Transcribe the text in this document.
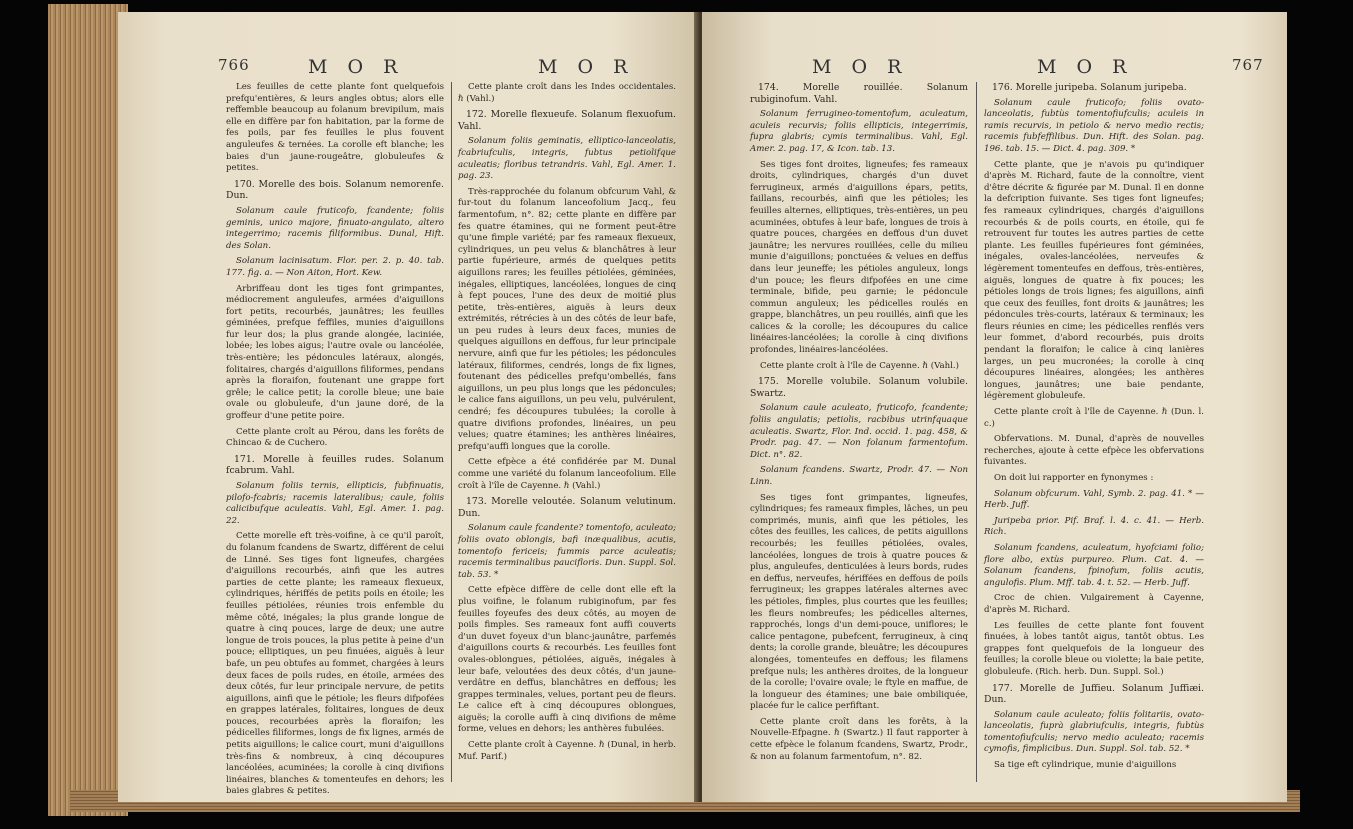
766	M O R	M O R

Les feuilles de cette plante font quelquefois prefqu'entières, & leurs angles obtus; alors elle reffemble beaucoup au folanum brevipilum, mais elle en diffère par fon habitation, par la forme de fes poils, par fes feuilles le plus fouvent anguleufes & ternées. La corolle eft blanche; les baies d'un jaune-rougeâtre, globuleufes & petites.

170. Morelle des bois. Solanum nemorenfe. Dun.

Solanum caule fruticofo, fcandente; foliis geminis, unico majore, finuato-angulato, altero integerrimo; racemis filiformibus. Dunal, Hift. des Solan.

Solanum lacinisatum. Flor. per. 2. p. 40. tab. 177. fig. a. — Non Aiton, Hort. Kew.

Arbriffeau dont les tiges font grimpantes, médiocrement anguleufes, armées d'aiguillons fort petits, recourbés, jaunâtres; les feuilles géminées, prefque feffiles, munies d'aiguillons fur leur dos; la plus grande alongée, laciniée, lobée; les lobes aigus; l'autre ovale ou lancéolée, très-entière; les pédoncules latéraux, alongés, folitaires, chargés d'aiguillons filiformes, pendans après la floraifon, foutenant une grappe fort grêle; le calice petit; la corolle bleue; une baie ovale ou globuleufe, d'un jaune doré, de la groffeur d'une petite poire.

Cette plante croît au Pérou, dans les forêts de Chincao & de Cuchero.

171. Morelle à feuilles rudes. Solanum fcabrum. Vahl.

Solanum foliis ternis, ellipticis, fubfinuatis, pilofo-fcabris; racemis lateralibus; caule, foliis calicibufque aculeatis. Vahl, Egl. Amer. 1. pag. 22.

Cette morelle eft très-voifine, à ce qu'il paroît, du folanum fcandens de Swartz, différent de celui de Linné. Ses tiges font ligneufes, chargées d'aiguillons recourbés, ainfi que les autres parties de cette plante; les rameaux flexueux, cylindriques, hériffés de petits poils en étoile; les feuilles pétiolées, réunies trois enfemble du même côté, inégales; la plus grande longue de quatre à cinq pouces, large de deux; une autre longue de trois pouces, la plus petite à peine d'un pouce; elliptiques, un peu finuées, aiguës à leur bafe, un peu obtufes au fommet, chargées à leurs deux faces de poils rudes, en étoile, armées des deux côtés, fur leur principale nervure, de petits aiguillons, ainfi que le pétiole; les fleurs difpofées en grappes latérales, folitaires, longues de deux pouces, recourbées après la floraifon; les pédicelles filiformes, longs de fix lignes, armés de petits aiguillons; le calice court, muni d'aiguillons très-fins & nombreux, à cinq découpures lancéolées, acuminées; la corolle à cinq divifions linéaires, blanches & tomenteufes en dehors; les baies glabres & petites.

Cette plante croît dans les Indes occidentales. ℏ (Vahl.)

172. Morelle flexueufe. Solanum flexuofum. Vahl.

Solanum foliis geminatis, elliptico-lanceolatis, fcabriufculis, integris, fubtus petiolifque aculeatis; floribus tetrandris. Vahl, Egl. Amer. 1. pag. 23.

Très-rapprochée du folanum obfcurum Vahl, & fur-tout du folanum lanceofolium Jacq., feu farmentofum, n°. 82; cette plante en diffère par fes quatre étamines, qui ne forment peut-être qu'une fimple variété; par fes rameaux flexueux, cylindriques, un peu velus & blanchâtres à leur partie fupérieure, armés de quelques petits aiguillons rares; les feuilles pétiolées, géminées, inégales, elliptiques, lancéolées, longues de cinq à fept pouces, l'une des deux de moitié plus petite, très-entières, aiguës à leurs deux extrémités, rétrécies à un des côtés de leur bafe, un peu rudes à leurs deux faces, munies de quelques aiguillons en deffous, fur leur principale nervure, ainfi que fur les pétioles; les pédoncules latéraux, filiformes, cendrés, longs de fix lignes, foutenant des pédicelles prefqu'ombellés, fans aiguillons, un peu plus longs que les pédoncules; le calice fans aiguillons, un peu velu, pulvérulent, cendré; fes découpures tubulées; la corolle à quatre divifions profondes, linéaires, un peu velues; quatre étamines; les anthères linéaires, prefqu'auffi longues que la corolle.

Cette efpèce a été confidérée par M. Dunal comme une variété du folanum lanceofolium. Elle croît à l'île de Cayenne. ℏ (Vahl.)

173. Morelle veloutée. Solanum velutinum. Dun.

Solanum caule fcandente? tomentofo, aculeato; foliis ovato oblongis, bafi inæqualibus, acutis, tomentofo fericeis; fummis parce aculeatis; racemis terminalibus paucifloris. Dun. Suppl. Sol. tab. 53. *

Cette efpèce diffère de celle dont elle eft la plus voifine, le folanum rubiginofum, par fes feuilles foyeufes des deux côtés, au moyen de poils fimples. Ses rameaux font auffi couverts d'un duvet foyeux d'un blanc-jaunâtre, parfemés d'aiguillons courts & recourbés. Les feuilles font ovales-oblongues, pétiolées, aiguës, inégales à leur bafe, veloutées des deux côtés, d'un jaune-verdâtre en deffus, blanchâtres en deffous; les grappes terminales, velues, portant peu de fleurs. Le calice eft à cinq découpures oblongues, aiguës; la corolle auffi à cinq divifions de même forme, velues en dehors; les anthères fubulées.

Cette plante croît à Cayenne. ℏ (Dunal, in herb. Muf. Parif.)

M O R	M O R	767

174. Morelle rouillée. Solanum rubiginofum. Vahl.

Solanum ferrugineo-tomentofum, aculeatum, aculeis recurvis; foliis ellipticis, integerrimis, fupra glabris; cymis terminalibus. Vahl, Egl. Amer. 2. pag. 17, & Icon. tab. 13.

Ses tiges font droites, ligneufes; fes rameaux droits, cylindriques, chargés d'un duvet ferrugineux, armés d'aiguillons épars, petits, faillans, recourbés, ainfi que les pétioles; les feuilles alternes, elliptiques, très-entières, un peu acuminées, obtufes à leur bafe, longues de trois à quatre pouces, chargées en deffous d'un duvet jaunâtre; les nervures rouillées, celle du milieu munie d'aiguillons; ponctuées & velues en deffus dans leur jeuneffe; les pétioles anguleux, longs d'un pouce; les fleurs difpofées en une cime terminale, bifide, peu garnie; le pédoncule commun anguleux; les pédicelles roulés en grappe, blanchâtres, un peu rouillés, ainfi que les calices & la corolle; les découpures du calice linéaires-lancéolées; la corolle à cinq divifions profondes, linéaires-lancéolées.

Cette plante croît à l'île de Cayenne. ℏ (Vahl.)

175. Morelle volubile. Solanum volubile. Swartz.

Solanum caule aculeato, fruticofo, fcandente; foliis angulatis; petiolis, racbibus utrinfquaque aculeatis. Swartz, Flor. Ind. occid. 1. pag. 458, & Prodr. pag. 47. — Non folanum farmentofum. Dict. n°. 82.

Solanum fcandens. Swartz, Prodr. 47. — Non Linn.

Ses tiges font grimpantes, ligneufes, cylindriques; fes rameaux fimples, lâches, un peu comprimés, munis, ainfi que les pétioles, les côtes des feuilles, les calices, de petits aiguillons recourbés; les feuilles pétiolées, ovales, lancéolées, longues de trois à quatre pouces & plus, anguleufes, denticulées à leurs bords, rudes en deffus, nerveufes, hériffées en deffous de poils ferrugineux; les grappes latérales alternes avec les pétioles, fimples, plus courtes que les feuilles; les fleurs nombreufes; les pédicelles alternes, rapprochés, longs d'un demi-pouce, uniflores; le calice pentagone, pubefcent, ferrugineux, à cinq dents; la corolle grande, bleuâtre; les découpures alongées, tomenteufes en deffous; les filamens prefque nuls; les anthères droites, de la longueur de la corolle; l'ovaire ovale; le ftyle en maffue, de la longueur des étamines; une baie ombiliquée, placée fur le calice perfiftant.

Cette plante croît dans les forêts, à la Nouvelle-Efpagne. ℏ (Swartz.) Il faut rapporter à cette efpèce le folanum fcandens, Swartz, Prodr., & non au folanum farmentofum, n°. 82.

176. Morelle juripeba. Solanum juripeba.

Solanum caule fruticofo; foliis ovato-lanceolatis, fubtùs tomentofiufculis; aculeis in ramis recurvis, in petiolo & nervo medio rectis; racemis fubfeffilibus. Dun. Hift. des Solan. pag. 196. tab. 15. — Dict. 4. pag. 309. *

Cette plante, que je n'avois pu qu'indiquer d'après M. Richard, faute de la connoître, vient d'être décrite & figurée par M. Dunal. Il en donne la defcription fuivante. Ses tiges font ligneufes; fes rameaux cylindriques, chargés d'aiguillons recourbés & de poils courts, en étoile, qui fe retrouvent fur toutes les autres parties de cette plante. Les feuilles fupérieures font géminées, inégales, ovales-lancéolées, nerveufes & légèrement tomenteufes en deffous, très-entières, aiguës, longues de quatre à fix pouces; les pétioles longs de trois lignes; fes aiguillons, ainfi que ceux des feuilles, font droits & jaunâtres; les pédoncules très-courts, latéraux & terminaux; les fleurs réunies en cime; les pédicelles renflés vers leur fommet, d'abord recourbés, puis droits pendant la floraifon; le calice à cinq lanières larges, un peu mucronées; la corolle à cinq découpures linéaires, alongées; les anthères longues, jaunâtres; une baie pendante, légèrement globuleufe.

Cette plante croît à l'île de Cayenne. ℏ (Dun. l. c.)

Obfervations. M. Dunal, d'après de nouvelles recherches, ajoute à cette efpèce les obfervations fuivantes.

On doit lui rapporter en fynonymes :

Solanum obfcurum. Vahl, Symb. 2. pag. 41. * — Herb. Juff.

Juripeba prior. Pif. Braf. l. 4. c. 41. — Herb. Rich.

Solanum fcandens, aculeatum, hyofciami folio; flore albo, extùs purpureo. Plum. Cat. 4. — Solanum fcandens, fpinofum, foliis acutis, angulofis. Plum. Mff. tab. 4. t. 52. — Herb. Juff.

Croc de chien. Vulgairement à Cayenne, d'après M. Richard.

Les feuilles de cette plante font fouvent finuées, à lobes tantôt aigus, tantôt obtus. Les grappes font quelquefois de la longueur des feuilles; la corolle bleue ou violette; la baie petite, globuleufe. (Rich. herb. Dun. Suppl. Sol.)

177. Morelle de Juffieu. Solanum Juffiæi. Dun.

Solanum caule aculeato; foliis folitariis, ovato-lanceolatis, fuprà glabriufculis, integris, fubtùs tomentofiufculis; nervo medio aculeato; racemis cymofis, fimplicibus. Dun. Suppl. Sol. tab. 52. *

Sa tige eft cylindrique, munie d'aiguillons
